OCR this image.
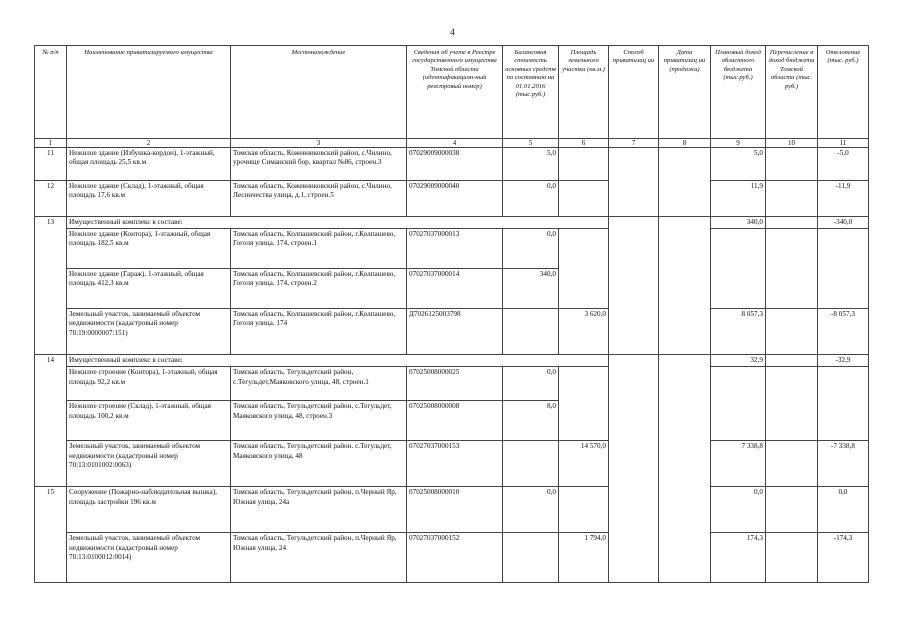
4
№ п/п	Наименование приватизируемого имущества	Местонахождение	Сведения об учете в Реестре государственного имущества Томской области (идентификацион-ный реестровый номер)	Балансовая стоимость основных средств по состоянию на 01.01.2016 (тыс.руб.)	Площадь земельного участка (кв.м.)	Способ приватизац ии	Дата приватизац ии (продажи)	Плановый доход областного бюджета (тыс.руб.)	Перечисление в доход бюджета Томской области (тыс. руб.)	Отклонение (тыс. руб.)
1	2	3	4	5	6	7	8	9	10	11
11	Нежилое здание (Избушка-кордон), 1-этажный, общая площадь 25,5 кв.м	Томская область, Кожевниковский район, с.Чилино, урочище Симанский бор, квартал №86, строен.3	07029009000038	5,0				5,0		-5,0
12	Нежилое здание (Склад), 1-этажный, общая площадь 17,6 кв.м	Томская область, Кожевниковский район, с.Чилино, Лесничества улица, д.1, строен.5	07029009000040	0,0				11,9		-11,9
13	Имущественный комплекс в составе:							340,0		-340,0
	Нежилое здание (Контора), 1-этажный, общая площадь 182,5 кв.м	Томская область, Колпашевский район, г.Колпашево, Гоголя улица, 174, строен.1	07027037000013	0,0						
	Нежилое здание (Гараж), 1-этажный, общая площадь 412,3 кв.м	Томская область, Колпашевский район, г.Колпашево, Гоголя улица, 174, строен.2	07027037000014	340,0						
	Земельный участок, занимаемый объектом недвижимости (кадастровый номер 70:19:0000007:151)	Томская область, Колпашевский район, г.Колпашево, Гоголя улица, 174	Д7026125003798		3 620,0			8 057,3		-8 057,3
14	Имущественный комплекс в составе:							32,9		-32,9
	Нежилое строение (Контора), 1-этажный, общая площадь 92,2 кв.м	Томская область, Тегульдетский район, с.Тегульдет,Маяковского улица, 48, строен.1	07025008000025	0,0						
	Нежилое строение (Склад), 1-этажный, общая площадь 100,2 кв.м	Томская область, Тегульдетский район, с.Тегульдет, Маяковского улица, 48, строен.3	07025008000008	8,0						
	Земельный участок, занимаемый объектом недвижимости (кадастровый номер 70:13:0101002:0063)	Томская область, Тегульдетский район. с.Тегульдет, Маяковского улица, 48	07027037000153		14 570,0			7 338,8		-7 338,8
15	Сооружение (Пожарно-наблюдательная вышка), площадь застройки 196 кв.м	Томская область, Тегульдетский район, п.Черный Яр, Южная улица, 24а	07025008000010	0,0				0,0		0,0
	Земельный участок, занимаемый объектом недвижимости (кадастровый номер 70:13:0100012:0014)	Томская область, Тегульдетский район, п.Черный Яр, Южная улица, 24	07027037000152		1 794,0			174,3		-174,3
